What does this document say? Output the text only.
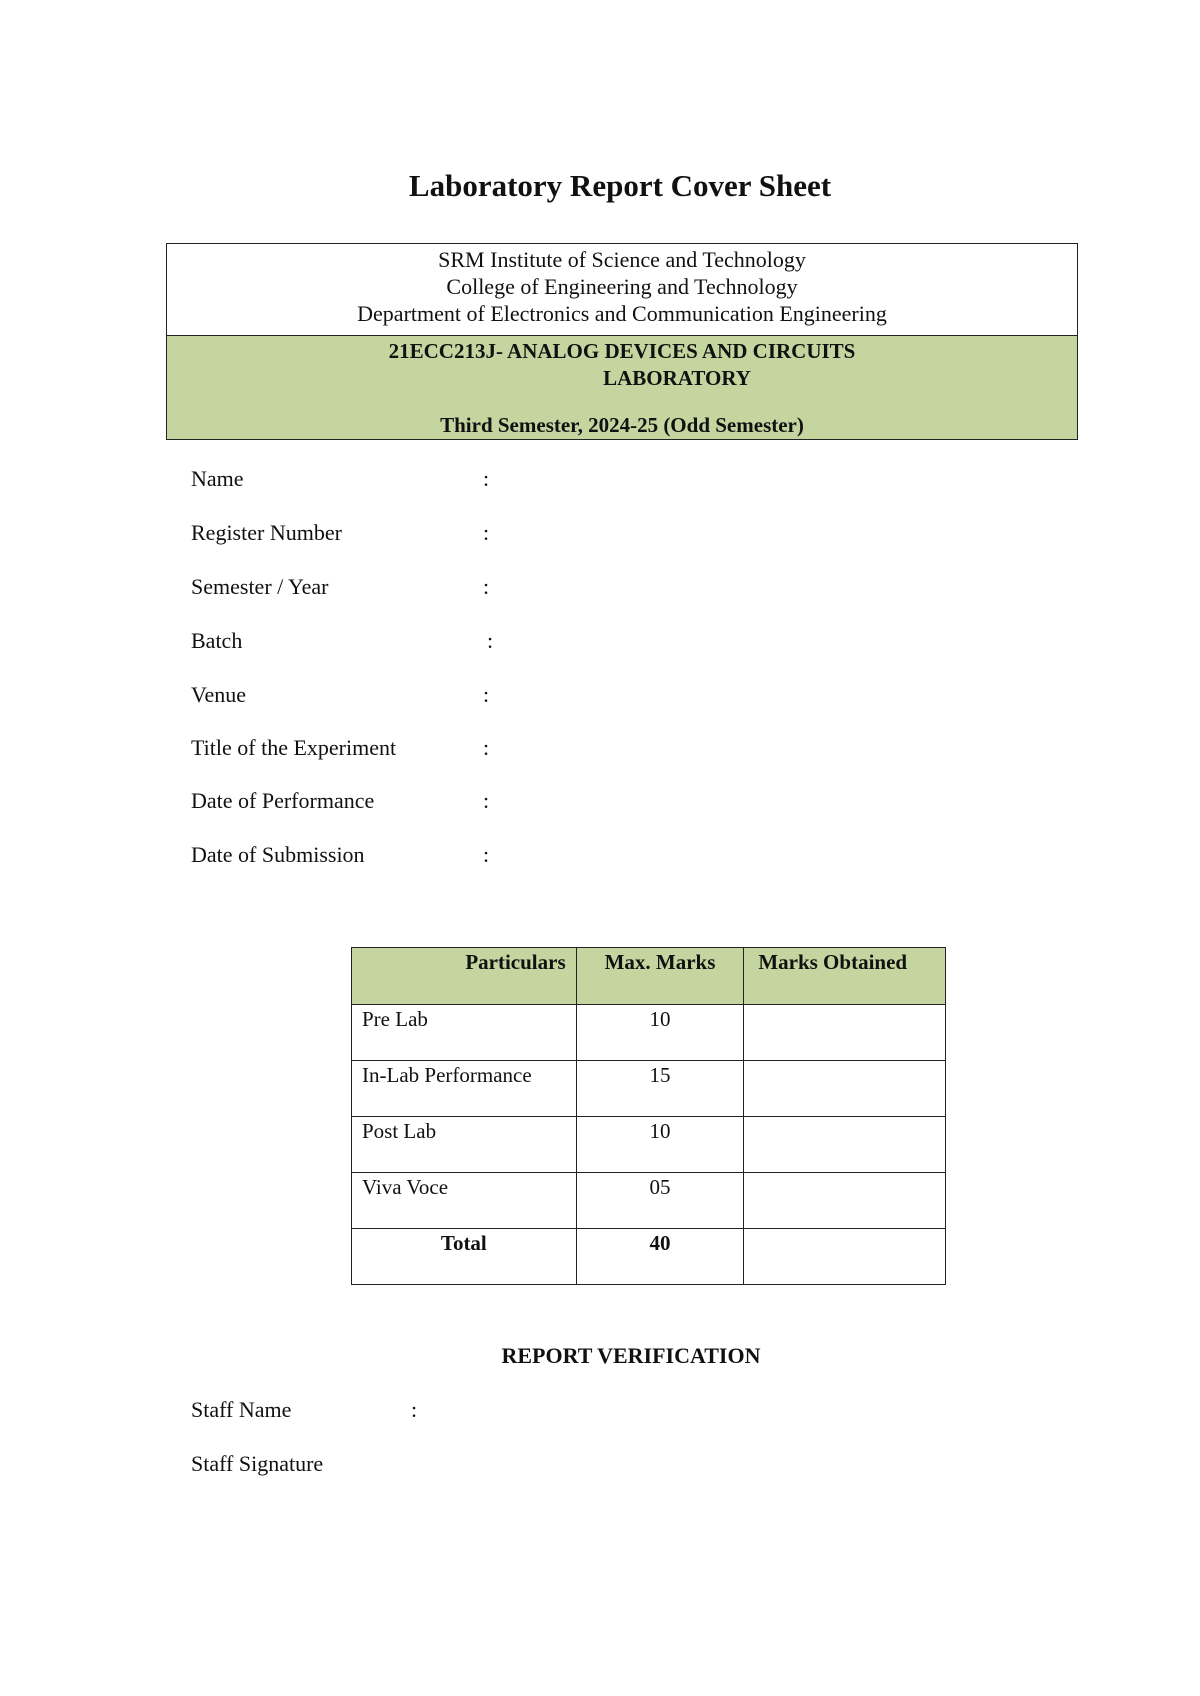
Laboratory Report Cover Sheet
SRM Institute of Science and Technology
College of Engineering and Technology
Department of Electronics and Communication Engineering
21ECC213J- ANALOG DEVICES AND CIRCUITS
LABORATORY
Third Semester, 2024-25 (Odd Semester)
Name	:
Register Number	:
Semester / Year	:
Batch	:
Venue	:
Title of the Experiment	:
Date of Performance	:
Date of Submission	:
Particulars	Max. Marks	Marks Obtained
Pre Lab	10	
In-Lab Performance	15	
Post Lab	10	
Viva Voce	05	
Total	40	
REPORT VERIFICATION
Staff Name	:
Staff Signature
